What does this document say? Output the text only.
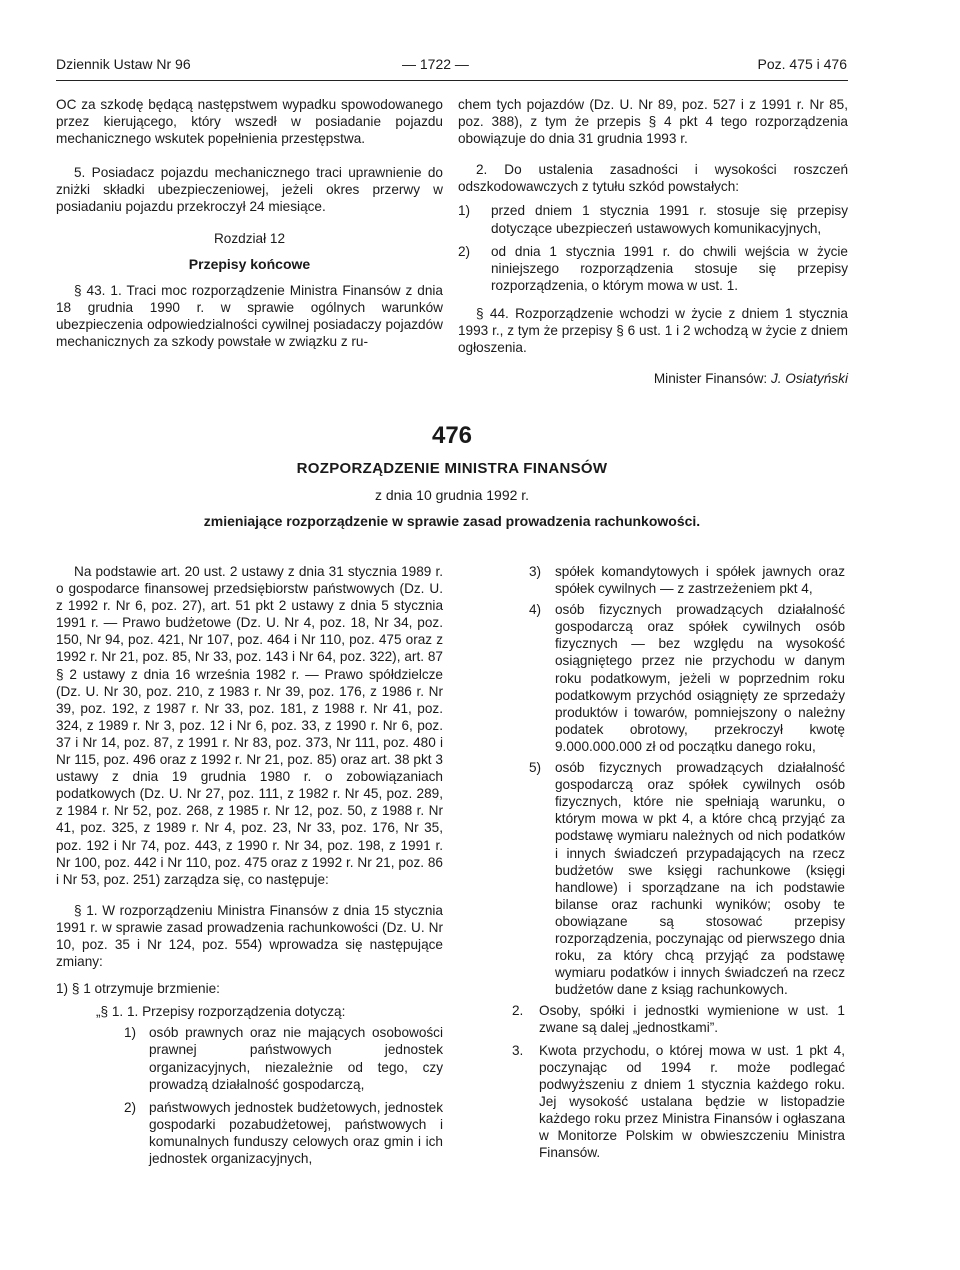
Dziennik Ustaw Nr 96	— 1722 —	Poz. 475 i 476

OC za szkodę będącą następstwem wypadku spowodowanego przez kierującego, który wszedł w posiadanie pojazdu mechanicznego wskutek popełnienia przestępstwa.

5. Posiadacz pojazdu mechanicznego traci uprawnienie do zniżki składki ubezpieczeniowej, jeżeli okres przerwy w posiadaniu pojazdu przekroczył 24 miesiące.

Rozdział 12

Przepisy końcowe

§ 43. 1. Traci moc rozporządzenie Ministra Finansów z dnia 18 grudnia 1990 r. w sprawie ogólnych warunków ubezpieczenia odpowiedzialności cywilnej posiadaczy pojazdów mechanicznych za szkody powstałe w związku z ru-

chem tych pojazdów (Dz. U. Nr 89, poz. 527 i z 1991 r. Nr 85, poz. 388), z tym że przepis § 4 pkt 4 tego rozporządzenia obowiązuje do dnia 31 grudnia 1993 r.

2. Do ustalenia zasadności i wysokości roszczeń odszkodowawczych z tytułu szkód powstałych:

1)	przed dniem 1 stycznia 1991 r. stosuje się przepisy dotyczące ubezpieczeń ustawowych komunikacyjnych,
2)	od dnia 1 stycznia 1991 r. do chwili wejścia w życie niniejszego rozporządzenia stosuje się przepisy rozporządzenia, o którym mowa w ust. 1.

§ 44. Rozporządzenie wchodzi w życie z dniem 1 stycznia 1993 r., z tym że przepisy § 6 ust. 1 i 2 wchodzą w życie z dniem ogłoszenia.

Minister Finansów: J. Osiatyński

476
ROZPORZĄDZENIE MINISTRA FINANSÓW
z dnia 10 grudnia 1992 r.
zmieniające rozporządzenie w sprawie zasad prowadzenia rachunkowości.

Na podstawie art. 20 ust. 2 ustawy z dnia 31 stycznia 1989 r. o gospodarce finansowej przedsiębiorstw państwowych (Dz. U. z 1992 r. Nr 6, poz. 27), art. 51 pkt 2 ustawy z dnia 5 stycznia 1991 r. — Prawo budżetowe (Dz. U. Nr 4, poz. 18, Nr 34, poz. 150, Nr 94, poz. 421, Nr 107, poz. 464 i Nr 110, poz. 475 oraz z 1992 r. Nr 21, poz. 85, Nr 33, poz. 143 i Nr 64, poz. 322), art. 87 § 2 ustawy z dnia 16 września 1982 r. — Prawo spółdzielcze (Dz. U. Nr 30, poz. 210, z 1983 r. Nr 39, poz. 176, z 1986 r. Nr 39, poz. 192, z 1987 r. Nr 33, poz. 181, z 1988 r. Nr 41, poz. 324, z 1989 r. Nr 3, poz. 12 i Nr 6, poz. 33, z 1990 r. Nr 6, poz. 37 i Nr 14, poz. 87, z 1991 r. Nr 83, poz. 373, Nr 111, poz. 480 i Nr 115, poz. 496 oraz z 1992 r. Nr 21, poz. 85) oraz art. 38 pkt 3 ustawy z dnia 19 grudnia 1980 r. o zobowiązaniach podatkowych (Dz. U. Nr 27, poz. 111, z 1982 r. Nr 45, poz. 289, z 1984 r. Nr 52, poz. 268, z 1985 r. Nr 12, poz. 50, z 1988 r. Nr 41, poz. 325, z 1989 r. Nr 4, poz. 23, Nr 33, poz. 176, Nr 35, poz. 192 i Nr 74, poz. 443, z 1990 r. Nr 34, poz. 198, z 1991 r. Nr 100, poz. 442 i Nr 110, poz. 475 oraz z 1992 r. Nr 21, poz. 86 i Nr 53, poz. 251) zarządza się, co następuje:

§ 1. W rozporządzeniu Ministra Finansów z dnia 15 stycznia 1991 r. w sprawie zasad prowadzenia rachunkowości (Dz. U. Nr 10, poz. 35 i Nr 124, poz. 554) wprowadza się następujące zmiany:

1) § 1 otrzymuje brzmienie:

„§ 1. 1. Przepisy rozporządzenia dotyczą:

1) osób prawnych oraz nie mających osobowości prawnej państwowych jednostek organizacyjnych, niezależnie od tego, czy prowadzą działalność gospodarczą,
2) państwowych jednostek budżetowych, jednostek gospodarki pozabudżetowej, państwowych i komunalnych funduszy celowych oraz gmin i ich jednostek organizacyjnych,
3)	spółek komandytowych i spółek jawnych oraz spółek cywilnych — z zastrzeżeniem pkt 4,
4)	osób fizycznych prowadzących działalność gospodarczą oraz spółek cywilnych osób fizycznych — bez względu na wysokość osiągniętego przez nie przychodu w danym roku podatkowym, jeżeli w poprzednim roku podatkowym przychód osiągnięty ze sprzedaży produktów i towarów, pomniejszony o należny podatek obrotowy, przekroczył kwotę 9.000.000.000 zł od początku danego roku,
5)	osób fizycznych prowadzących działalność gospodarczą oraz spółek cywilnych osób fizycznych, które nie spełniają warunku, o którym mowa w pkt 4, a które chcą przyjąć za podstawę wymiaru należnych od nich podatków i innych świadczeń przypadających na rzecz budżetów swe księgi rachunkowe (księgi handlowe) i sporządzane na ich podstawie bilanse oraz rachunki wyników; osoby te obowiązane są stosować przepisy rozporządzenia, poczynając od pierwszego dnia roku, za który chcą przyjąć za podstawę wymiaru podatków i innych świadczeń na rzecz budżetów dane z ksiąg rachunkowych.
2.	Osoby, spółki i jednostki wymienione w ust. 1 zwane są dalej „jednostkami”.
3.	Kwota przychodu, o której mowa w ust. 1 pkt 4, poczynając od 1994 r. może podlegać podwyższeniu z dniem 1 stycznia każdego roku. Jej wysokość ustalana będzie w listopadzie każdego roku przez Ministra Finansów i ogłaszana w Monitorze Polskim w obwieszczeniu Ministra Finansów.
